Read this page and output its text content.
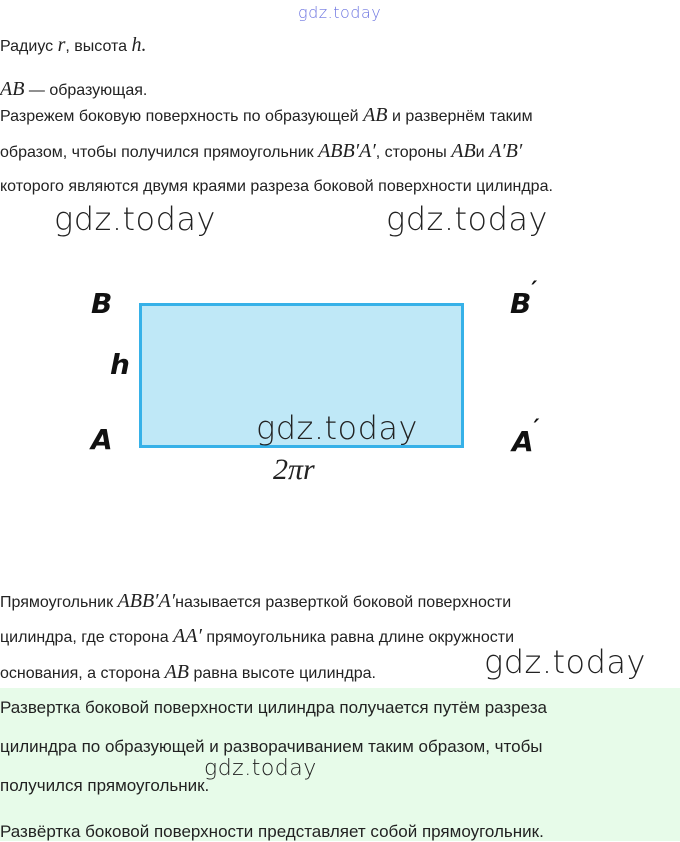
gdz.today
Радиус r, высота h.
AB — образующая.
Разрежем боковую поверхность по образующей AB и развернём таким
образом, чтобы получился прямоугольник ABB′A′, стороны ABи A′B′
которого являются двумя краями разреза боковой поверхности цилиндра.
gdz.today	gdz.today
B	B′
h
A	A′
gdz.today
2πr
Прямоугольник ABB′A′называется разверткой боковой поверхности
цилиндра, где сторона AA′ прямоугольника равна длине окружности
основания, а сторона AB равна высоте цилиндра.	gdz.today
Развертка боковой поверхности цилиндра получается путём разреза
цилиндра по образующей и разворачиванием таким образом, чтобы
получился прямоугольник.
Развёртка боковой поверхности представляет собой прямоугольник.
gdz.today
